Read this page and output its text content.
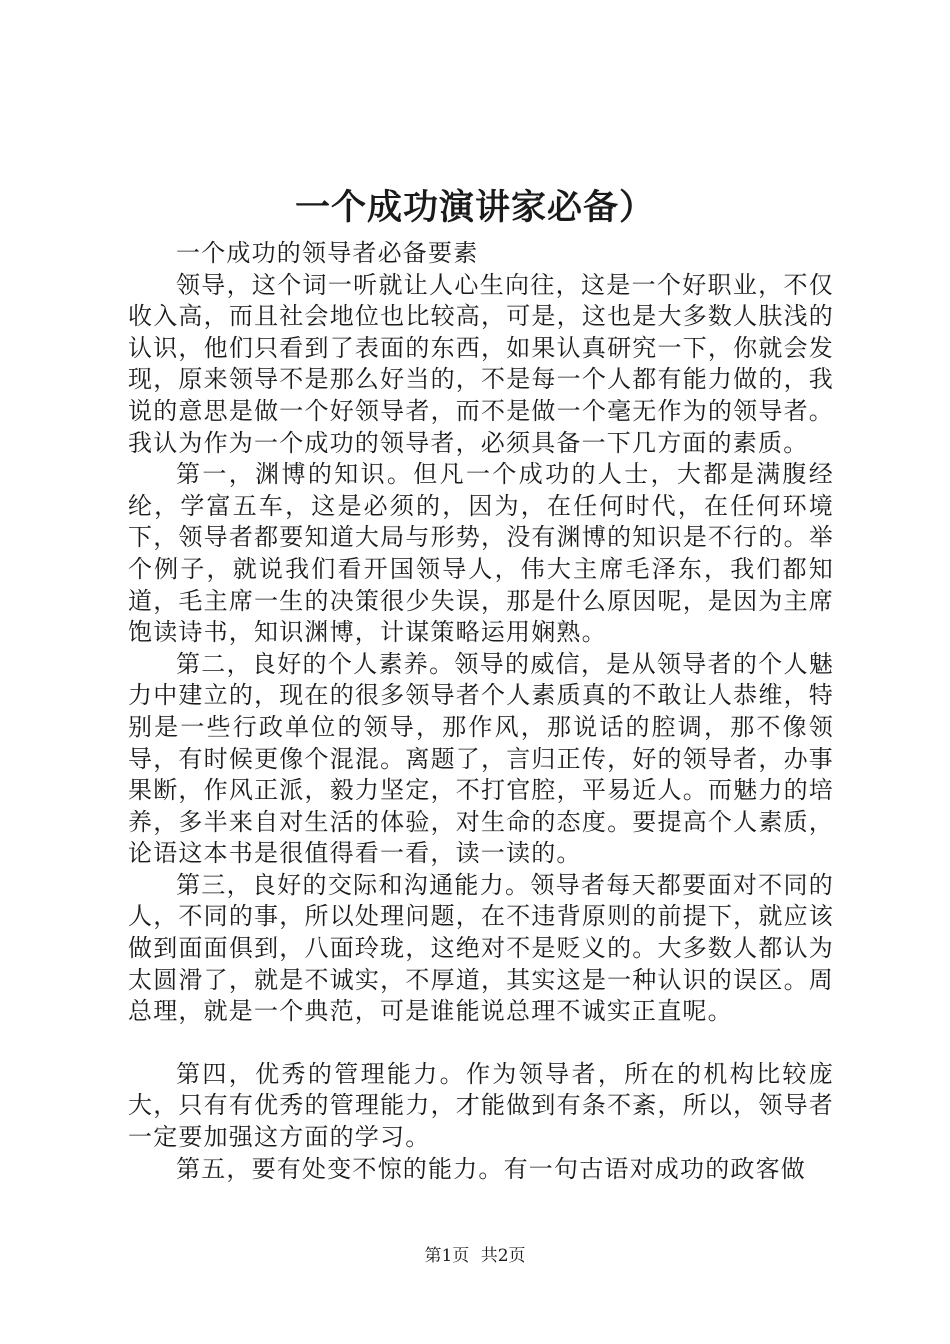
一个成功演讲家必备）

一个成功的领导者必备要素

领导，这个词一听就让人心生向往，这是一个好职业，不仅收入高，而且社会地位也比较高，可是，这也是大多数人肤浅的认识，他们只看到了表面的东西，如果认真研究一下，你就会发现，原来领导不是那么好当的，不是每一个人都有能力做的，我说的意思是做一个好领导者，而不是做一个毫无作为的领导者。我认为作为一个成功的领导者，必须具备一下几方面的素质。

第一，渊博的知识。但凡一个成功的人士，大都是满腹经纶，学富五车，这是必须的，因为，在任何时代，在任何环境下，领导者都要知道大局与形势，没有渊博的知识是不行的。举个例子，就说我们看开国领导人，伟大主席毛泽东，我们都知道，毛主席一生的决策很少失误，那是什么原因呢，是因为主席饱读诗书，知识渊博，计谋策略运用娴熟。

第二，良好的个人素养。领导的威信，是从领导者的个人魅力中建立的，现在的很多领导者个人素质真的不敢让人恭维，特别是一些行政单位的领导，那作风，那说话的腔调，那不像领导，有时候更像个混混。离题了，言归正传，好的领导者，办事果断，作风正派，毅力坚定，不打官腔，平易近人。而魅力的培养，多半来自对生活的体验，对生命的态度。要提高个人素质，论语这本书是很值得看一看，读一读的。

第三，良好的交际和沟通能力。领导者每天都要面对不同的人，不同的事，所以处理问题，在不违背原则的前提下，就应该做到面面俱到，八面玲珑，这绝对不是贬义的。大多数人都认为太圆滑了，就是不诚实，不厚道，其实这是一种认识的误区。周总理，就是一个典范，可是谁能说总理不诚实正直呢。

第四，优秀的管理能力。作为领导者，所在的机构比较庞大，只有有优秀的管理能力，才能做到有条不紊，所以，领导者一定要加强这方面的学习。

第五，要有处变不惊的能力。有一句古语对成功的政客做

第1页 共2页
